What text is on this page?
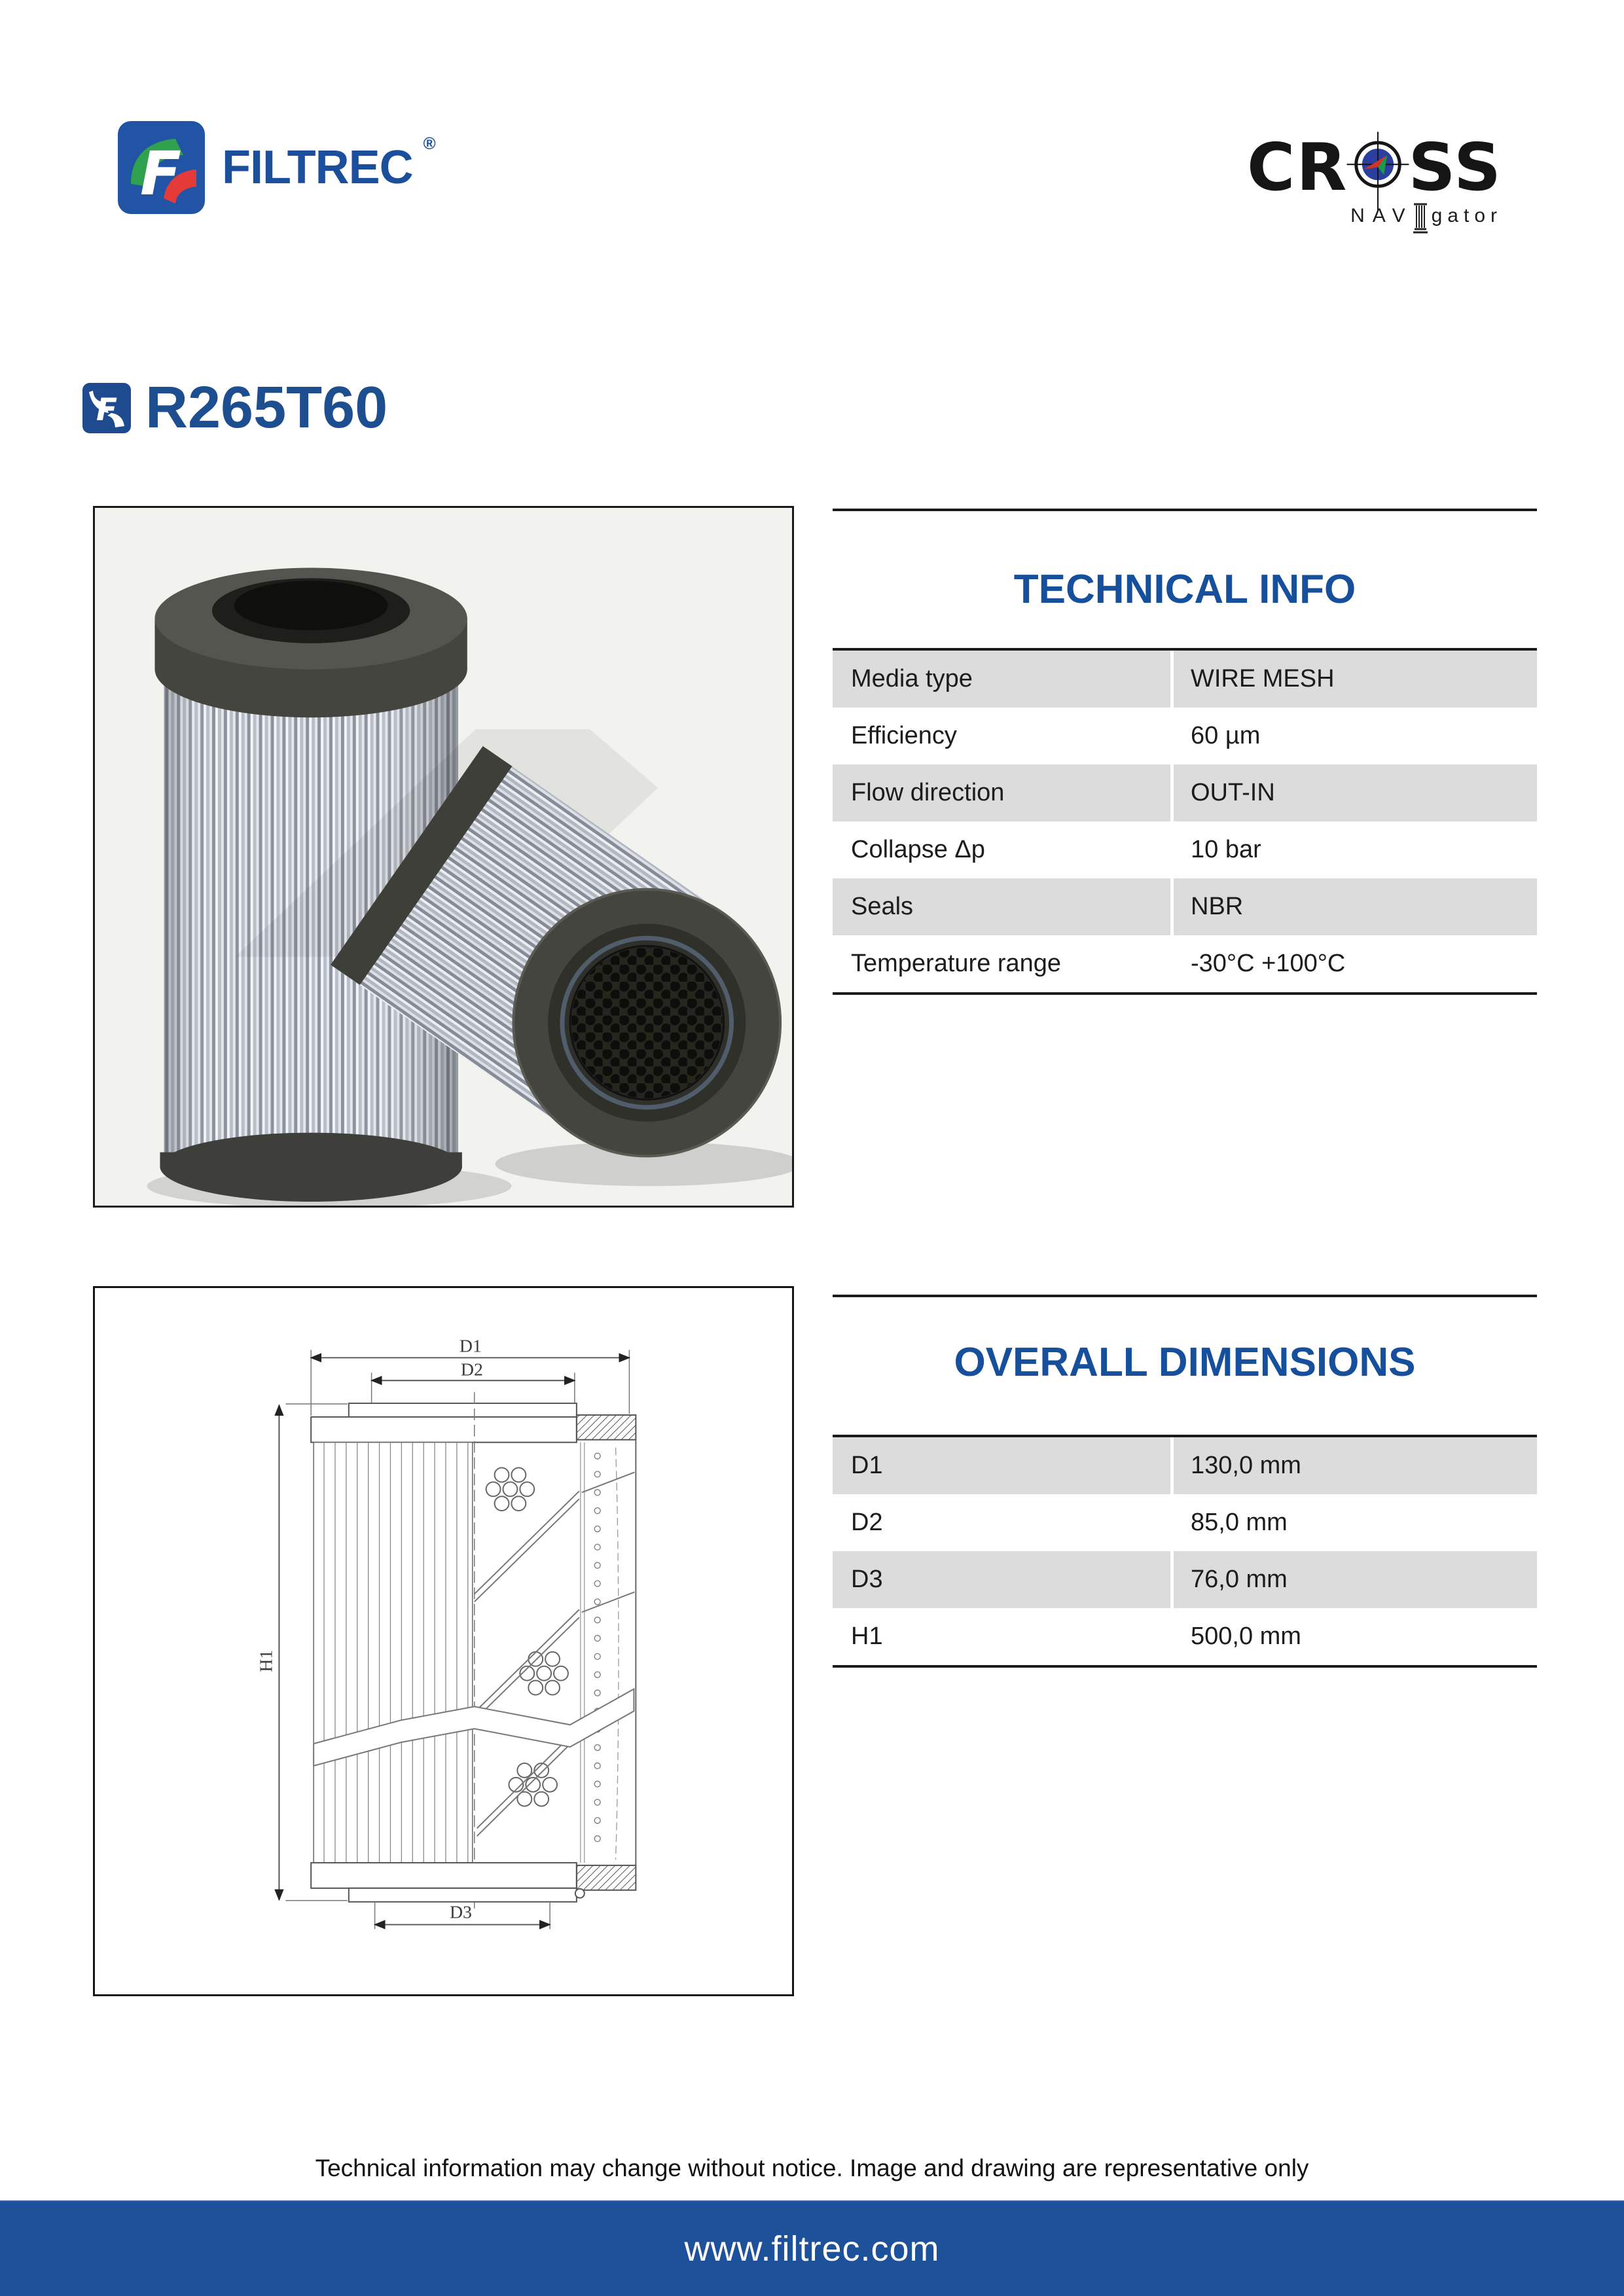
F FILTREC ®	CR SS
NAV gator
F R265T60
TECHNICAL INFO
Media type	WIRE MESH
Efficiency	60 µm
Flow direction	OUT-IN
Collapse Δp	10 bar
Seals	NBR
Temperature range	-30°C +100°C
D1
D2
H1
D3
OVERALL DIMENSIONS
D1	130,0 mm
D2	85,0 mm
D3	76,0 mm
H1	500,0 mm
Technical information may change without notice. Image and drawing are representative only
www.filtrec.com
